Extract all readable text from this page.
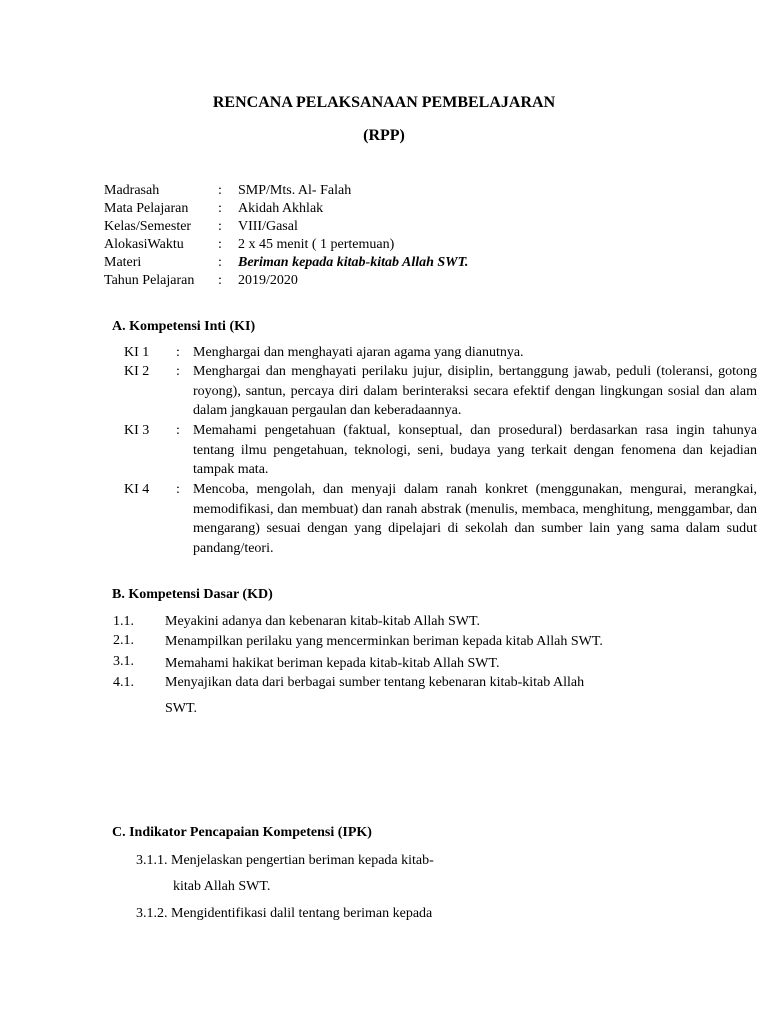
RENCANA PELAKSANAAN PEMBELAJARAN
(RPP)
Madrasah	: SMP/Mts. Al- Falah
Mata Pelajaran : Akidah Akhlak
Kelas/Semester : VIII/Gasal
AlokasiWaktu : 2 x 45 menit ( 1 pertemuan)
Materi	: Beriman kepada kitab-kitab Allah SWT.
Tahun Pelajaran : 2019/2020
A. Kompetensi Inti (KI)
KI 1 : Menghargai dan menghayati ajaran agama yang dianutnya.
KI 2 : Menghargai dan menghayati perilaku jujur, disiplin, bertanggung jawab, peduli (toleransi, gotong royong), santun, percaya diri dalam berinteraksi secara efektif dengan lingkungan sosial dan alam dalam jangkauan pergaulan dan keberadaannya.
KI 3 : Memahami pengetahuan (faktual, konseptual, dan prosedural) berdasarkan rasa ingin tahunya tentang ilmu pengetahuan, teknologi, seni, budaya yang terkait dengan fenomena dan kejadian tampak mata.
KI 4 : Mencoba, mengolah, dan menyaji dalam ranah konkret (menggunakan, mengurai, merangkai, memodifikasi, dan membuat) dan ranah abstrak (menulis, membaca, menghitung, menggambar, dan mengarang) sesuai dengan yang dipelajari di sekolah dan sumber lain yang sama dalam sudut pandang/teori.
B. Kompetensi Dasar (KD)
1.1. Meyakini adanya dan kebenaran kitab-kitab Allah SWT.
2.1. Menampilkan perilaku yang mencerminkan beriman kepada kitab Allah SWT.
3.1. Memahami hakikat beriman kepada kitab-kitab Allah SWT.
4.1. Menyajikan data dari berbagai sumber tentang kebenaran kitab-kitab Allah
SWT.
C. Indikator Pencapaian Kompetensi (IPK)
3.1.1. Menjelaskan pengertian beriman kepada kitab-
kitab Allah SWT.
3.1.2. Mengidentifikasi dalil tentang beriman kepada
